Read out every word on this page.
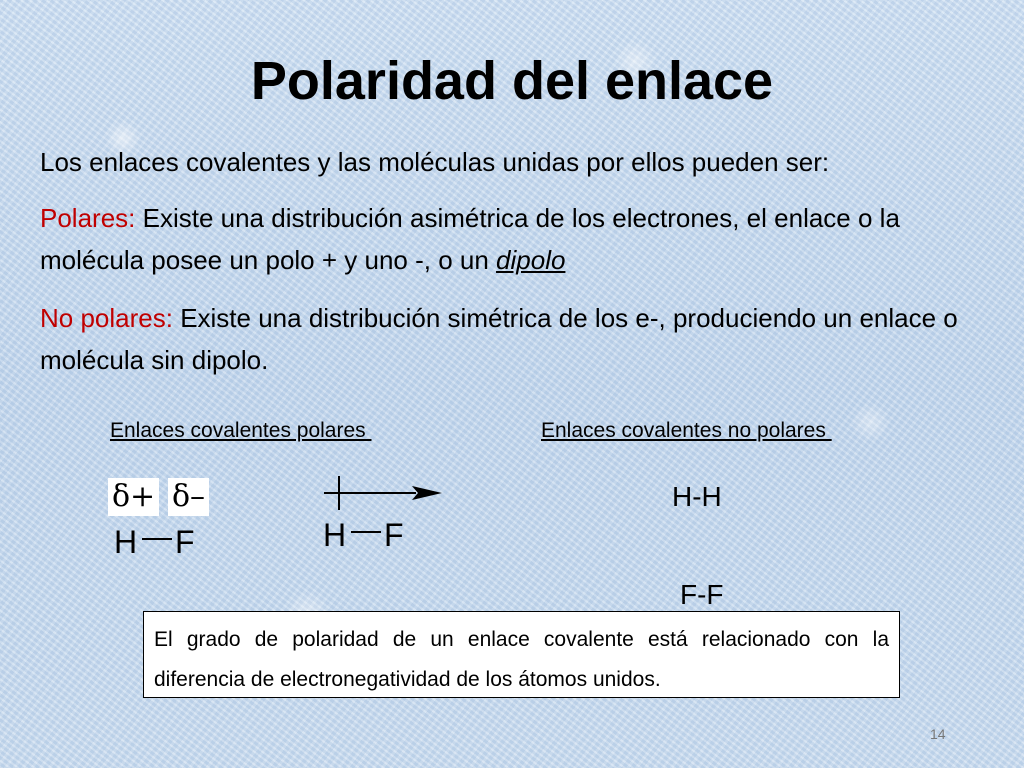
Polaridad del enlace
Los enlaces covalentes y las moléculas unidas por ellos pueden ser:
Polares: Existe una distribución asimétrica de los electrones, el enlace o la molécula posee un polo + y uno -, o un dipolo
No polares: Existe una distribución simétrica de los e-, produciendo un enlace o molécula sin dipolo.
Enlaces covalentes polares	Enlaces covalentes no polares
δ+ δ–
H F	H F
H-H
F-F
El grado de polaridad de un enlace covalente está relacionado con la diferencia de electronegatividad de los átomos unidos.
14
